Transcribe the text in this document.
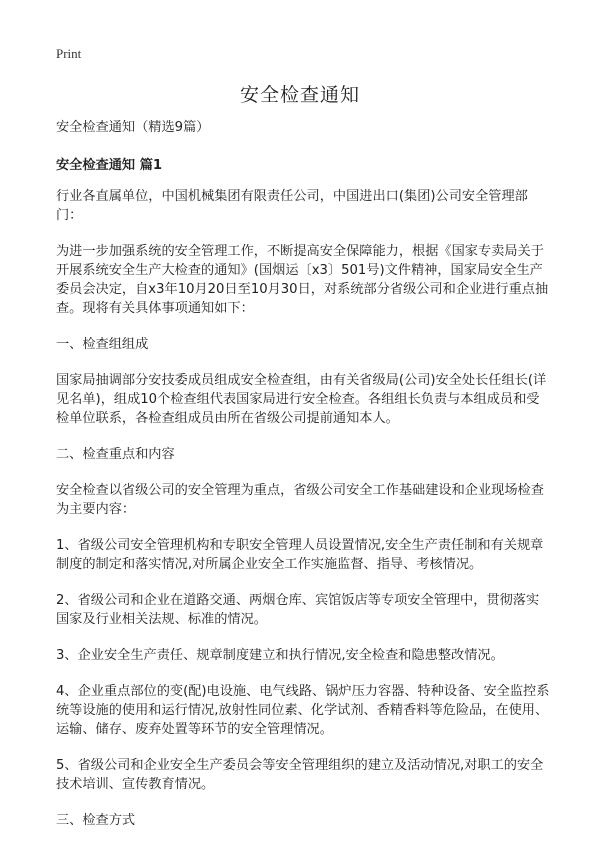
Print
安全检查通知

安全检查通知（精选9篇）

安全检查通知 篇1

行业各直属单位，中国机械集团有限责任公司，中国进出口(集团)公司安全管理部门：

为进一步加强系统的安全管理工作，不断提高安全保障能力，根据《国家专卖局关于开展系统安全生产大检查的通知》(国烟运〔x3〕501号)文件精神，国家局安全生产委员会决定，自x3年10月20日至10月30日，对系统部分省级公司和企业进行重点抽查。现将有关具体事项通知如下：

一、检查组组成

国家局抽调部分安技委成员组成安全检查组，由有关省级局(公司)安全处长任组长(详见名单)，组成10个检查组代表国家局进行安全检查。各组组长负责与本组成员和受检单位联系，各检查组成员由所在省级公司提前通知本人。

二、检查重点和内容

安全检查以省级公司的安全管理为重点，省级公司安全工作基础建设和企业现场检查为主要内容：

1、省级公司安全管理机构和专职安全管理人员设置情况,安全生产责任制和有关规章制度的制定和落实情况,对所属企业安全工作实施监督、指导、考核情况。

2、省级公司和企业在道路交通、两烟仓库、宾馆饭店等专项安全管理中，贯彻落实国家及行业相关法规、标准的情况。

3、企业安全生产责任、规章制度建立和执行情况,安全检查和隐患整改情况。

4、企业重点部位的变(配)电设施、电气线路、锅炉压力容器、特种设备、安全监控系统等设施的使用和运行情况,放射性同位素、化学试剂、香精香料等危险品，在使用、运输、储存、废弃处置等环节的安全管理情况。

5、省级公司和企业安全生产委员会等安全管理组织的建立及活动情况,对职工的安全技术培训、宣传教育情况。

三、检查方式
